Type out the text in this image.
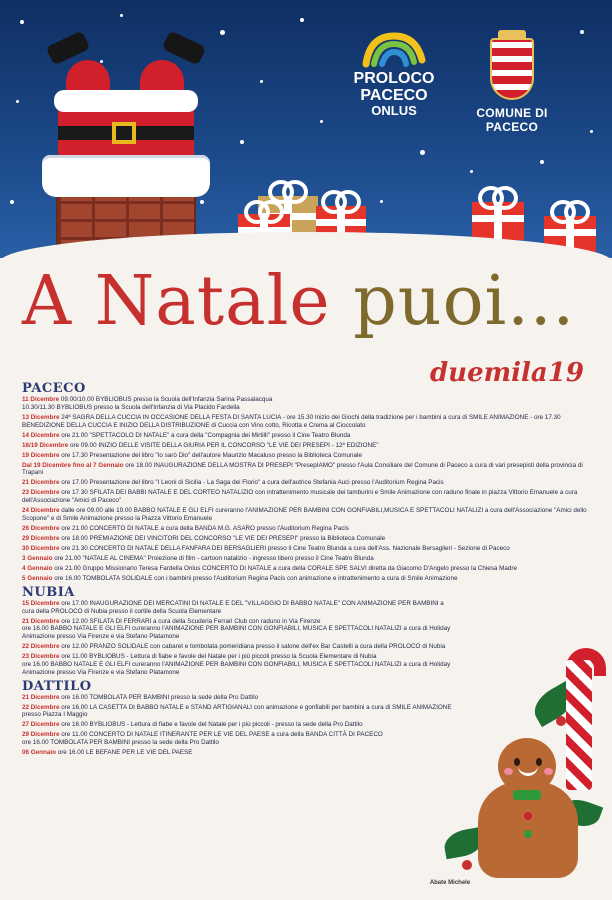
PROLOCO
PACECO
ONLUS	COMUNE DI PACECO
A Natale puoi...
duemila19
PACECO
11 Dicembre 09.00/10.00 BYBLIOBUS presso la Scuola dell'Infanzia Sarina Passalacqua
10.30/11.30 BYBLIOBUS presso la Scuola dell'Infanzia di Via Placido Fardella
13 Dicembre 24ª SAGRA DELLA CUCCIA IN OCCASIONE DELLA FESTA DI SANTA LUCIA - ore 15.30 Inizio dei Giochi della tradizione per i bambini a cura di SMILE ANIMAZIONE - ore 17.30 BENEDIZIONE DELLA CUCCIA E INIZIO DELLA DISTRIBUZIONE di Cuccia con Vino cotto, Ricotta e Crema al Cioccolato
14 Dicembre ore 21.00 "SPETTACOLO DI NATALE" a cura della "Compagnia dei Mirtilli" presso il Cine Teatro Blunda
16/19 Dicembre ore 09.00 INIZIO DELLE VISITE DELLA GIURIA PER IL CONCORSO "LE VIE DEI PRESEPI - 12ª EDIZIONE"
19 Dicembre ore 17.30 Presentazione del libro "Io sarò Dio" dell'autore Maurizio Macaluso presso la Biblioteca Comunale
Dal 19 Dicembre fino al 7 Gennaio ore 18.00 INAUGURAZIONE DELLA MOSTRA DI PRESEPI "PresepIAMO" presso l'Aula Consiliare del Comune di Paceco a cura di vari presepisti della provincia di Trapani
21 Dicembre ore 17.00 Presentazione del libro "I Leoni di Sicilia - La Saga dei Florio" a cura dell'autrice Stefania Auci presso l'Auditorium Regina Pacis
23 Dicembre ore 17.30 SFILATA DEI BABBI NATALE E DEL CORTEO NATALIZIO con intrattenimento musicale dei tamburini e Smile Animazione con raduno finale in piazza Vittorio Emanuele a cura dell'Associazione "Amici di Paceco"
24 Dicembre dalle ore 09.00 alle 19.00 BABBO NATALE E GLI ELFI cureranno l'ANIMAZIONE PER BAMBINI CON GONFIABILI,MUSICA E SPETTACOLI NATALIZI a cura dell'Associazione "Amici dello Scopone" e di Smile Animazione presso la Piazza Vittorio Emanuele
26 Dicembre ore 21.00 CONCERTO DI NATALE a cura della BANDA M.G. ASARO presso l'Auditorium Regina Pacis
29 Dicembre ore 18.00 PREMIAZIONE DEI VINCITORI DEL CONCORSO "LE VIE DEI PRESEPI" presso la Biblioteca Comunale
30 Dicembre ore 21.30 CONCERTO DI NATALE DELLA FANFARA DEI BERSAGLIERI presso il Cine Teatro Blunda a cura dell'Ass. Nazionale Bersaglieri - Sezione di Paceco
3 Gennaio ore 21.00 "NATALE AL CINEMA" Proiezione di film - cartoon natalizio - ingresso libero presso il Cine Teatro Blunda
4 Gennaio ore 21.00 Gruppo Missionario Teresa Fardella Onlus CONCERTO DI NATALE a cura della CORALE SPE SALVI diretta da Giacomo D'Angelo presso la Chiesa Madre
5 Gennaio ore 16.00 TOMBOLATA SOLIDALE con i bambini presso l'Auditorium Regina Pacis con animazione e intrattenimento a cura di Smile Animazione
NUBIA
15 Dicembre ore 17.00 INAUGURAZIONE DEI MERCATINI DI NATALE E DEL "VILLAGGIO DI BABBO NATALE" CON ANIMAZIONE PER BAMBINI a cura della PROLOCO di Nubia presso il cortile della Scuola Elementare
21 Dicembre ore 12.00 SFILATA DI FERRARI a cura della Scuderia Ferrari Club con raduno in Via Firenze
ore 16.00 BABBO NATALE E GLI ELFI cureranno l'ANIMAZIONE PER BAMBINI CON GONFIABILI, MUSICA E SPETTACOLI NATALIZI a cura di Holiday Animazione presso Via Firenze e via Stefano Platamone
22 Dicembre ore 12.00 PRANZO SOLIDALE con cabaret e tombolata pomeridiana presso il salone dell'ex Bar Castelli a cura della PROLOCO di Nubia
23 Dicembre ore 11.00 BYBLIOBUS - Lettura di fiabe e favole del Natale per i più piccoli presso la Scuola Elementare di Nubia
ore 16.00 BABBO NATALE E GLI ELFI cureranno l'ANIMAZIONE PER BAMBINI CON GONFIABILI, MUSICA E SPETTACOLI NATALIZI a cura di Holiday Animazione presso Via Firenze e via Stefano Platamone
DATTILO
21 Dicembre ore 16.00 TOMBOLATA PER BAMBINI presso la sede della Pro Dattilo
22 Dicembre ore 16.00 LA CASETTA DI BABBO NATALE e STAND ARTIGIANALI con animazione e gonfiabili per bambini a cura di SMILE ANIMAZIONE presso Piazza I Maggio
27 Dicembre ore 16.00 BYBLIOBUS - Lettura di fiabe e favole del Natale per i più piccoli - presso la sede della Pro Dattilo
29 Dicembre ore 11.00 CONCERTO DI NATALE ITINERANTE PER LE VIE DEL PAESE a cura della BANDA CITTÀ DI PACECO
ore 16.00 TOMBOLATA PER BAMBINI presso la sede della Pro Dattilo
06 Gennaio ore 16.00 LE BEFANE PER LE VIE DEL PAESE
Abate Michele
